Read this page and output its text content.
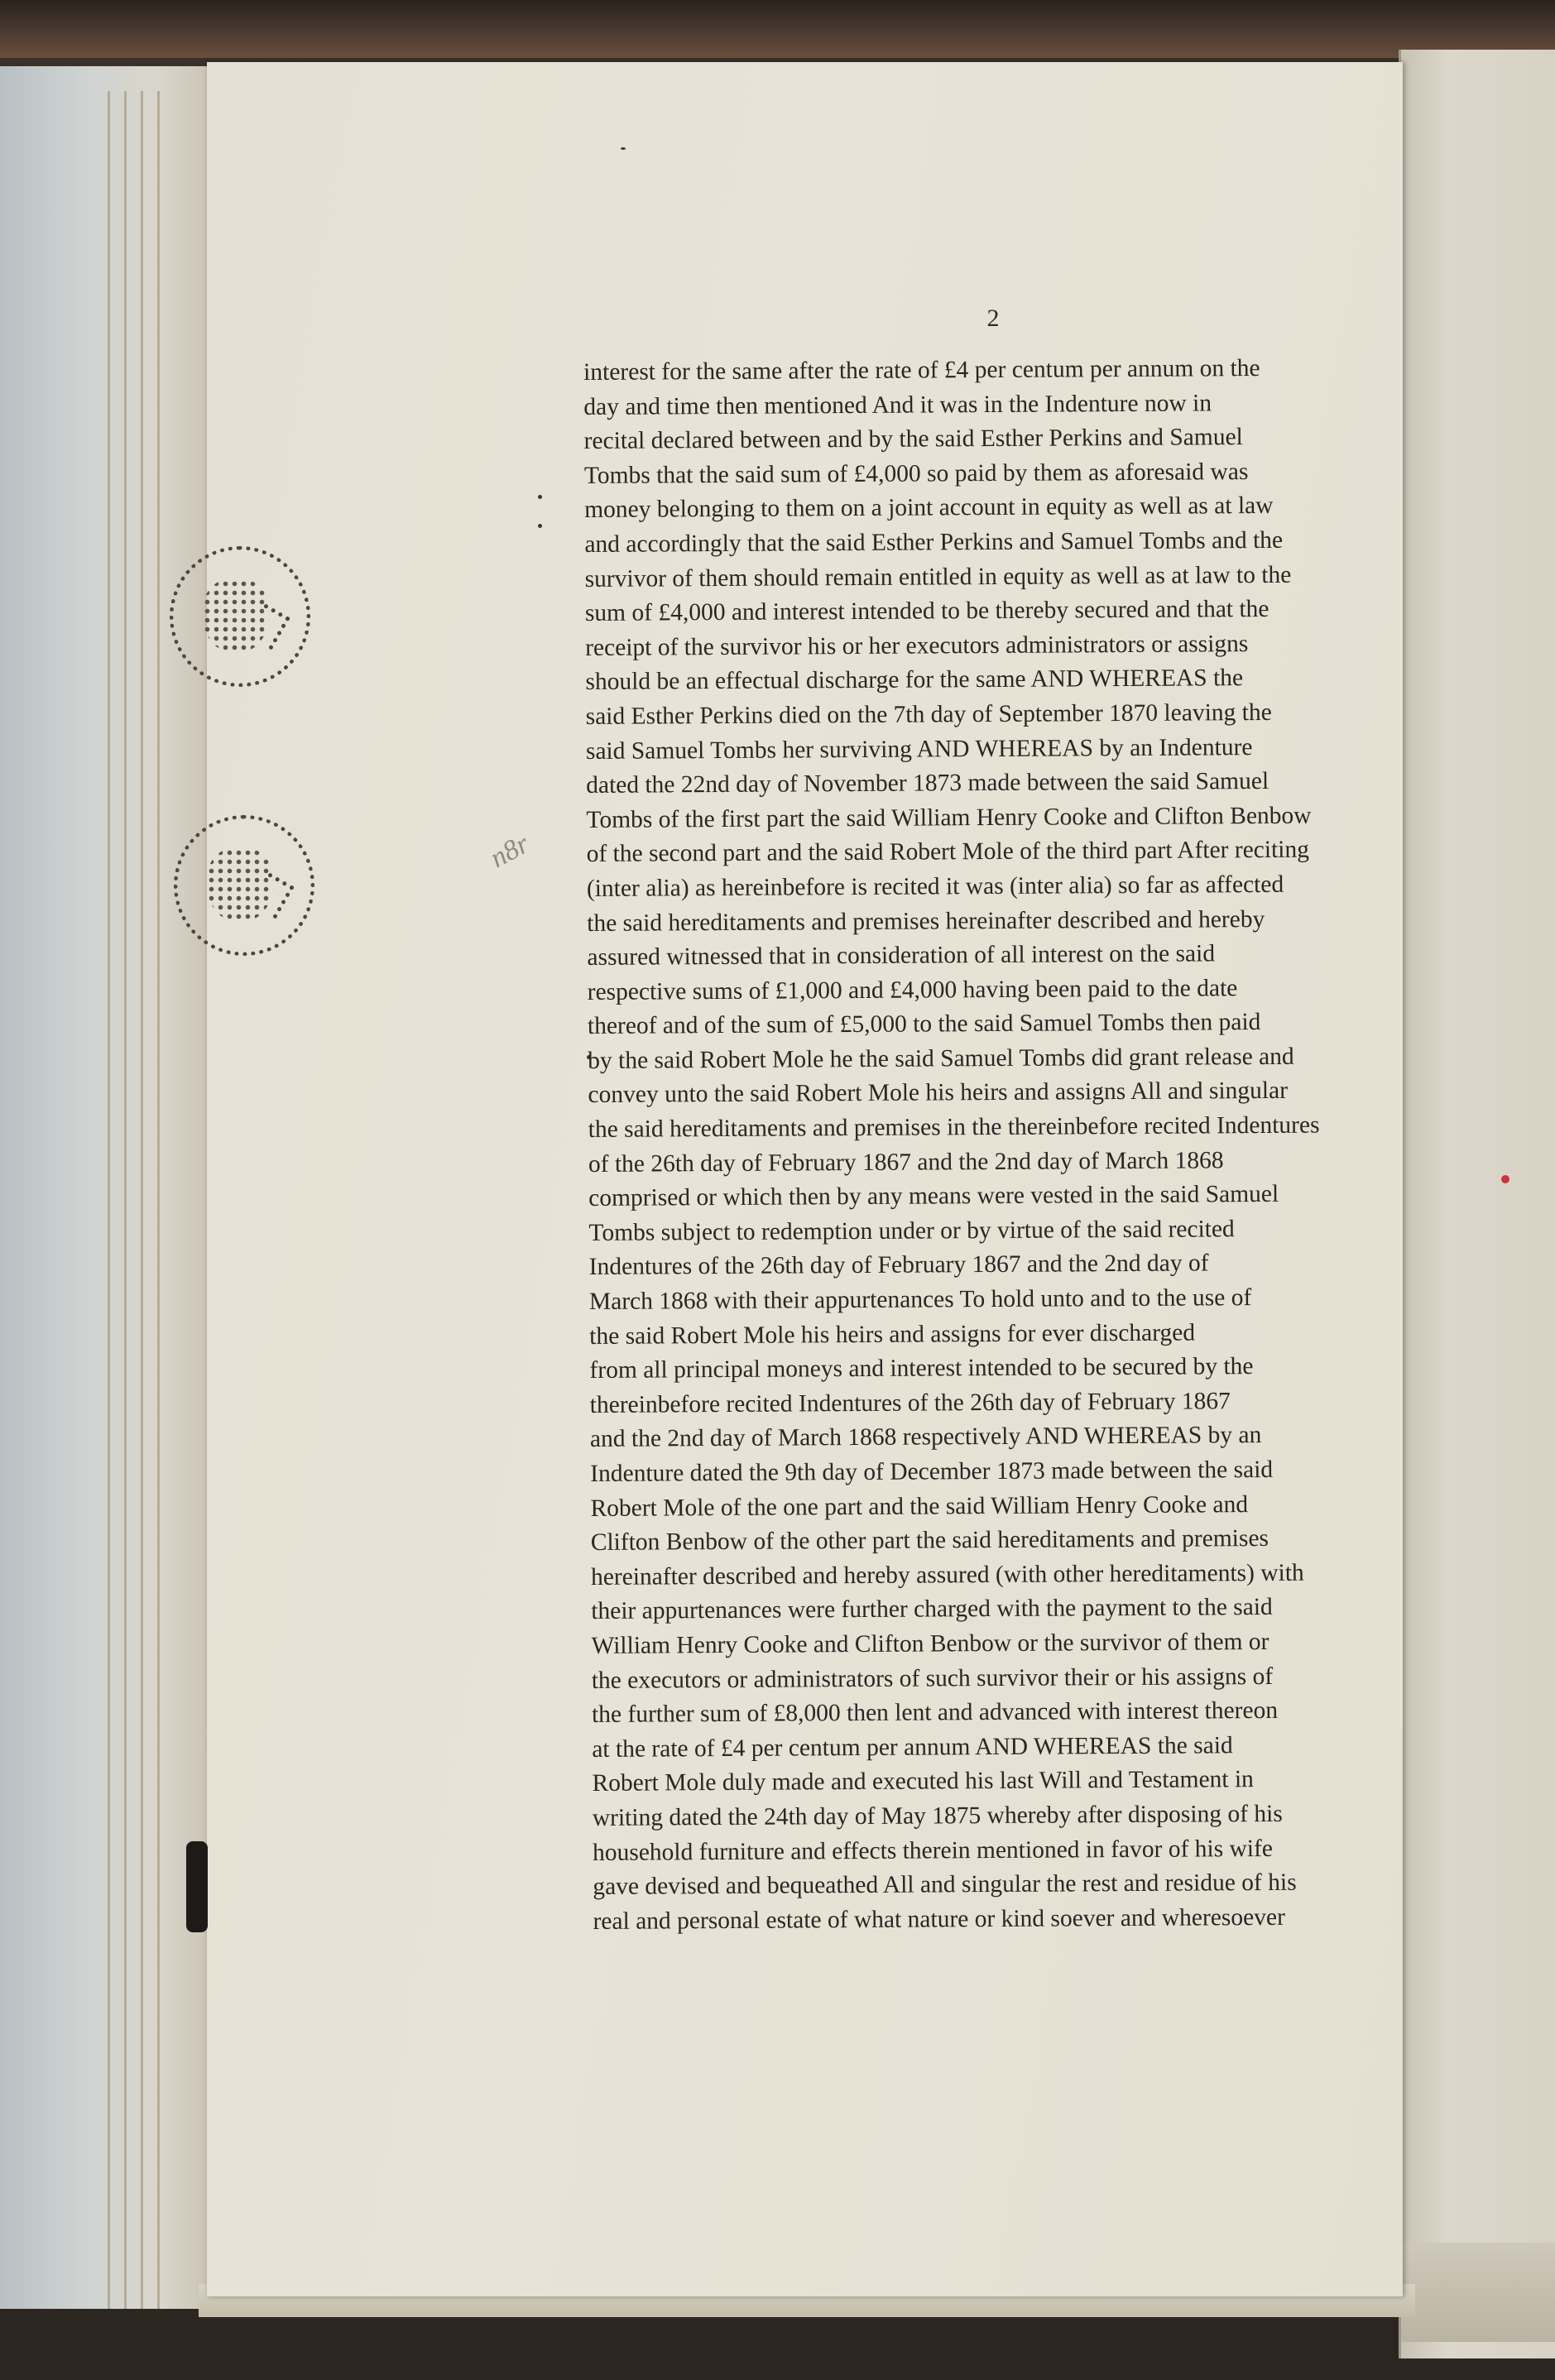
n8r
2
interest for the same after the rate of £4 per centum per annum on the
day and time then mentioned And it was in the Indenture now in
recital declared between and by the said Esther Perkins and Samuel
Tombs that the said sum of £4,000 so paid by them as aforesaid was
money belonging to them on a joint account in equity as well as at law
and accordingly that the said Esther Perkins and Samuel Tombs and the
survivor of them should remain entitled in equity as well as at law to the
sum of £4,000 and interest intended to be thereby secured and that the
receipt of the survivor his or her executors administrators or assigns
should be an effectual discharge for the same AND WHEREAS the
said Esther Perkins died on the 7th day of September 1870 leaving the
said Samuel Tombs her surviving AND WHEREAS by an Indenture
dated the 22nd day of November 1873 made between the said Samuel
Tombs of the first part the said William Henry Cooke and Clifton Benbow
of the second part and the said Robert Mole of the third part After reciting
(inter alia) as hereinbefore is recited it was (inter alia) so far as affected
the said hereditaments and premises hereinafter described and hereby
assured witnessed that in consideration of all interest on the said
respective sums of £1,000 and £4,000 having been paid to the date
thereof and of the sum of £5,000 to the said Samuel Tombs then paid
by the said Robert Mole he the said Samuel Tombs did grant release and
convey unto the said Robert Mole his heirs and assigns All and singular
the said hereditaments and premises in the thereinbefore recited Indentures
of the 26th day of February 1867 and the 2nd day of March 1868
comprised or which then by any means were vested in the said Samuel
Tombs subject to redemption under or by virtue of the said recited
Indentures of the 26th day of February 1867 and the 2nd day of
March 1868 with their appurtenances To hold unto and to the use of
the said Robert Mole his heirs and assigns for ever discharged
from all principal moneys and interest intended to be secured by the
thereinbefore recited Indentures of the 26th day of February 1867
and the 2nd day of March 1868 respectively AND WHEREAS by an
Indenture dated the 9th day of December 1873 made between the said
Robert Mole of the one part and the said William Henry Cooke and
Clifton Benbow of the other part the said hereditaments and premises
hereinafter described and hereby assured (with other hereditaments) with
their appurtenances were further charged with the payment to the said
William Henry Cooke and Clifton Benbow or the survivor of them or
the executors or administrators of such survivor their or his assigns of
the further sum of £8,000 then lent and advanced with interest thereon
at the rate of £4 per centum per annum AND WHEREAS the said
Robert Mole duly made and executed his last Will and Testament in
writing dated the 24th day of May 1875 whereby after disposing of his
household furniture and effects therein mentioned in favor of his wife
gave devised and bequeathed All and singular the rest and residue of his
real and personal estate of what nature or kind soever and wheresoever
